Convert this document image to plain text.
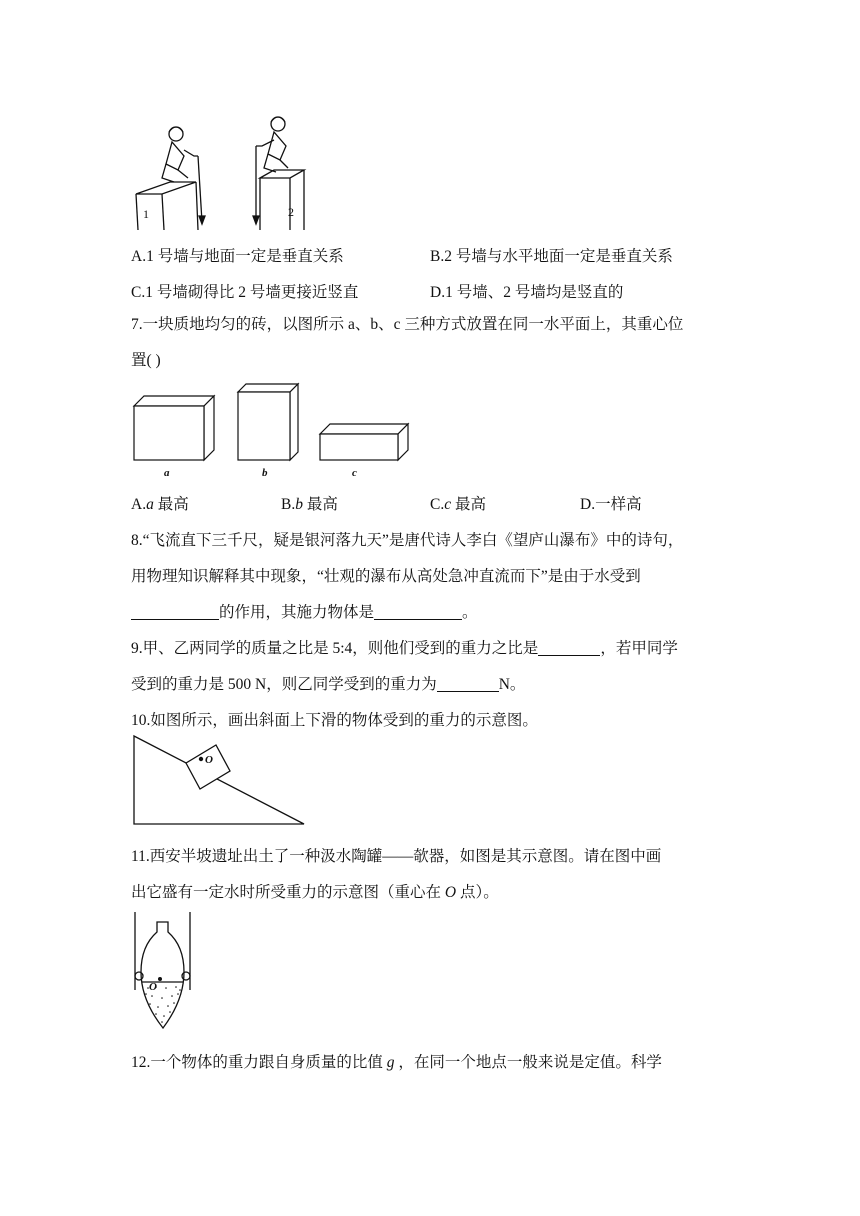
1	2
A.1 号墙与地面一定是垂直关系	B.2 号墙与水平地面一定是垂直关系
C.1 号墙砌得比 2 号墙更接近竖直	D.1 号墙、2 号墙均是竖直的
7.一块质地均匀的砖，以图所示 a、b、c 三种方式放置在同一水平面上，其重心位
置( )
a	b	c
A.a 最高	B.b 最高	C.c 最高	D.一样高
8.“飞流直下三千尺，疑是银河落九天”是唐代诗人李白《望庐山瀑布》中的诗句，
用物理知识解释其中现象，“壮观的瀑布从高处急冲直流而下”是由于水受到
的作用，其施力物体是	。
9.甲、乙两同学的质量之比是 5:4，则他们受到的重力之比是	，若甲同学
受到的重力是 500 N，则乙同学受到的重力为	N。
10.如图所示，画出斜面上下滑的物体受到的重力的示意图。
O
11.西安半坡遗址出土了一种汲水陶罐——欹器，如图是其示意图。请在图中画
出它盛有一定水时所受重力的示意图（重心在 O 点）。
O
12.一个物体的重力跟自身质量的比值 g ，在同一个地点一般来说是定值。科学
